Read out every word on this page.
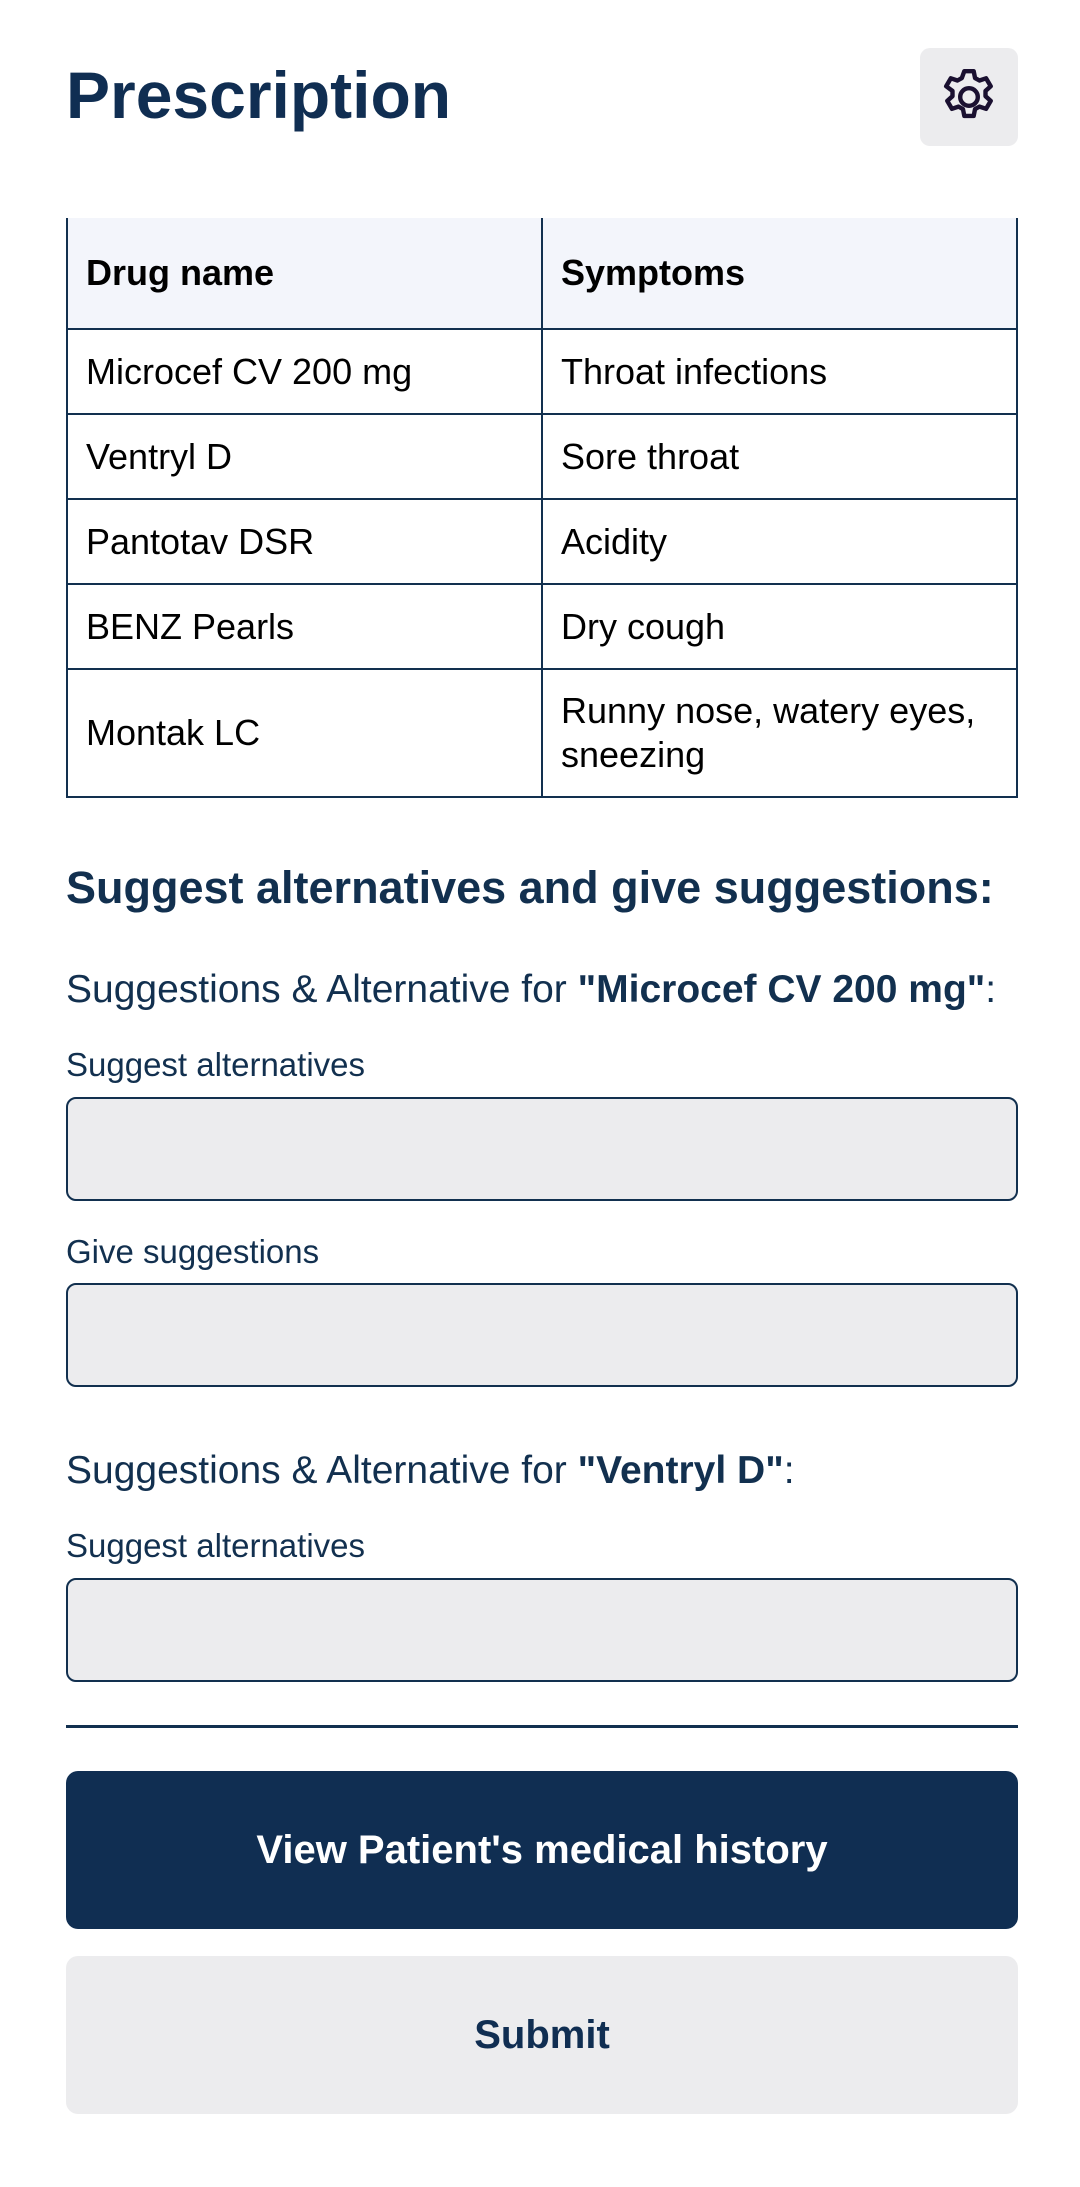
Prescription
Drug name	Symptoms
Microcef CV 200 mg	Throat infections
Ventryl D	Sore throat
Pantotav DSR	Acidity
BENZ Pearls	Dry cough
Montak LC	Runny nose, watery eyes, sneezing
Suggest alternatives and give suggestions:
Suggestions & Alternative for "Microcef CV 200 mg":
Suggest alternatives
Give suggestions
Suggestions & Alternative for "Ventryl D":
Suggest alternatives
View Patient's medical history
Submit
